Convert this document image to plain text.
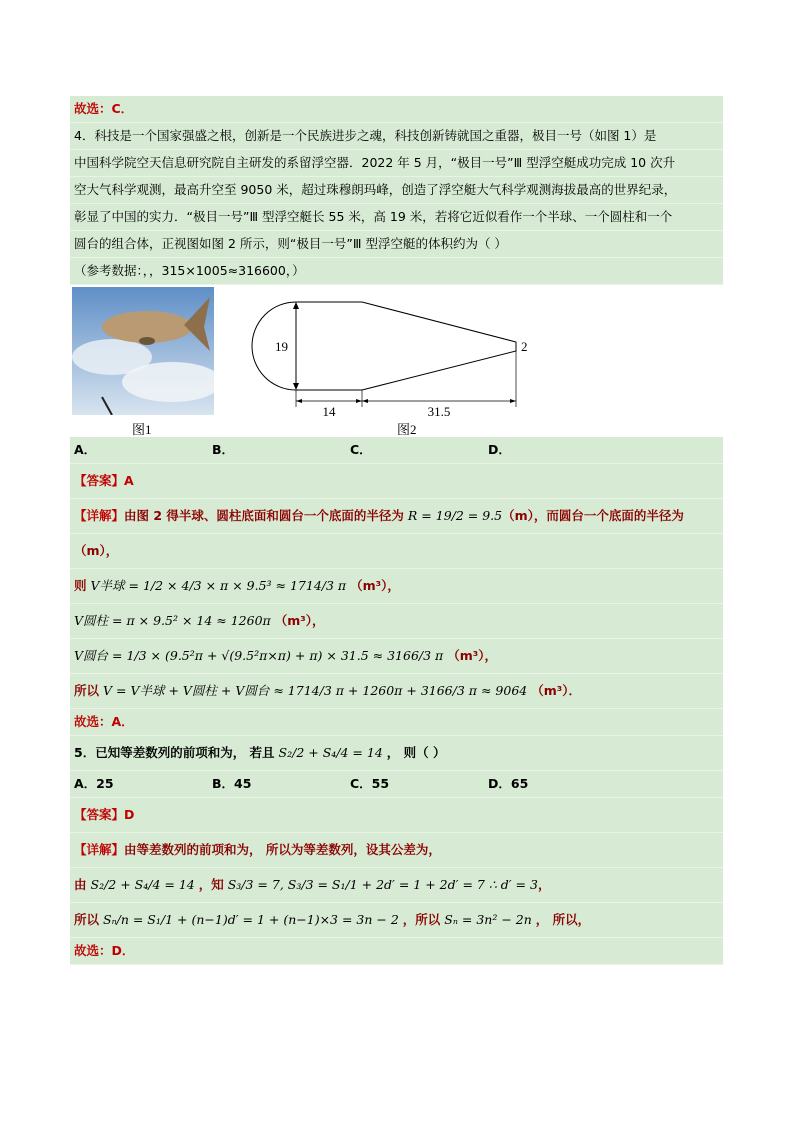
故选：C．
4．科技是一个国家强盛之根，创新是一个民族进步之魂，科技创新铸就国之重器，极目一号（如图 1）是
中国科学院空天信息研究院自主研发的系留浮空器．2022 年 5 月，“极目一号”Ⅲ 型浮空艇成功完成 10 次升
空大气科学观测，最高升空至 9050 米，超过珠穆朗玛峰，创造了浮空艇大气科学观测海拔最高的世界纪录，
彰显了中国的实力．“极目一号”Ⅲ 型浮空艇长 55 米，高 19 米，若将它近似看作一个半球、一个圆柱和一个
圆台的组合体，正视图如图 2 所示，则“极目一号”Ⅲ 型浮空艇的体积约为（ ）
（参考数据：，，315×1005≈316600，）
图1
19	2
14	31.5
图2
A．	B．	C．	D．
【答案】A
【详解】由图 2 得半球、圆柱底面和圆台一个底面的半径为 R = 19/2 = 9.5（m），而圆台一个底面的半径为
（m），
则 V半球 = 1/2 × 4/3 × π × 9.5³ ≈ 1714/3 π （m³），
V圆柱 = π × 9.5² × 14 ≈ 1260π （m³），
V圆台 = 1/3 × (9.5²π + √(9.5²π×π) + π) × 31.5 ≈ 3166/3 π （m³），
所以 V = V半球 + V圆柱 + V圆台 ≈ 1714/3 π + 1260π + 3166/3 π ≈ 9064 （m³）．
故选：A．
5．已知等差数列的前项和为， 若且 S₂/2 + S₄/4 = 14 ， 则（ ）
A．25	B．45	C．55	D．65
【答案】D
【详解】由等差数列的前项和为， 所以为等差数列，设其公差为，
由 S₂/2 + S₄/4 = 14 ，知 S₃/3 = 7, S₃/3 = S₁/1 + 2d′ = 1 + 2d′ = 7 ∴ d′ = 3，
所以 Sₙ/n = S₁/1 + (n−1)d′ = 1 + (n−1)×3 = 3n − 2 ，所以 Sₙ = 3n² − 2n ， 所以，
故选：D．
